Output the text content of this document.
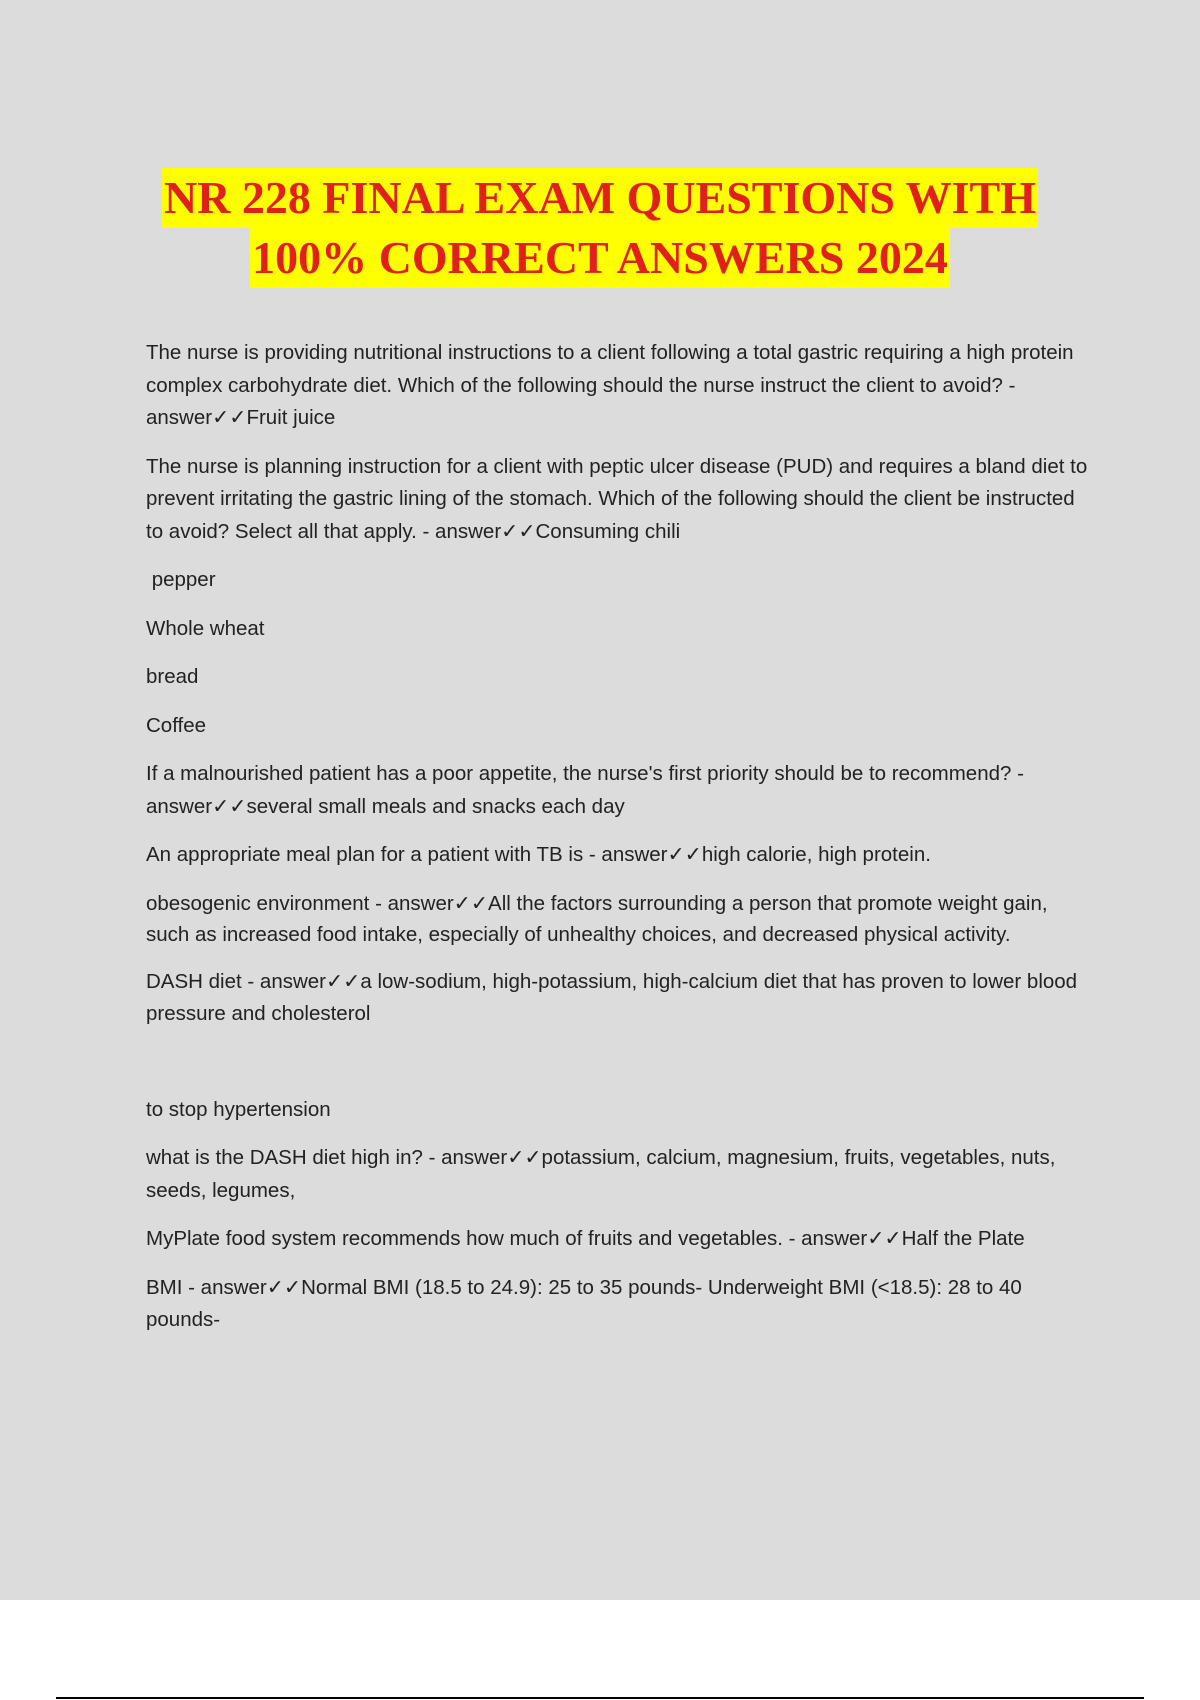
NR 228 FINAL EXAM QUESTIONS WITH
100% CORRECT ANSWERS 2024

The nurse is providing nutritional instructions to a client following a total gastric requiring a high protein complex carbohydrate diet. Which of the following should the nurse instruct the client to avoid? - answer✓✓Fruit juice

The nurse is planning instruction for a client with peptic ulcer disease (PUD) and requires a bland diet to prevent irritating the gastric lining of the stomach. Which of the following should the client be instructed to avoid? Select all that apply. - answer✓✓Consuming chili

pepper

Whole wheat

bread

Coffee

If a malnourished patient has a poor appetite, the nurse's first priority should be to recommend? - answer✓✓several small meals and snacks each day

An appropriate meal plan for a patient with TB is - answer✓✓high calorie, high protein.

obesogenic environment - answer✓✓All the factors surrounding a person that promote weight gain, such as increased food intake, especially of unhealthy choices, and decreased physical activity.

DASH diet - answer✓✓a low-sodium, high-potassium, high-calcium diet that has proven to lower blood pressure and cholesterol

to stop hypertension

what is the DASH diet high in? - answer✓✓potassium, calcium, magnesium, fruits, vegetables, nuts, seeds, legumes,

MyPlate food system recommends how much of fruits and vegetables. - answer✓✓Half the Plate

BMI - answer✓✓Normal BMI (18.5 to 24.9): 25 to 35 pounds- Underweight BMI (<18.5): 28 to 40 pounds-
